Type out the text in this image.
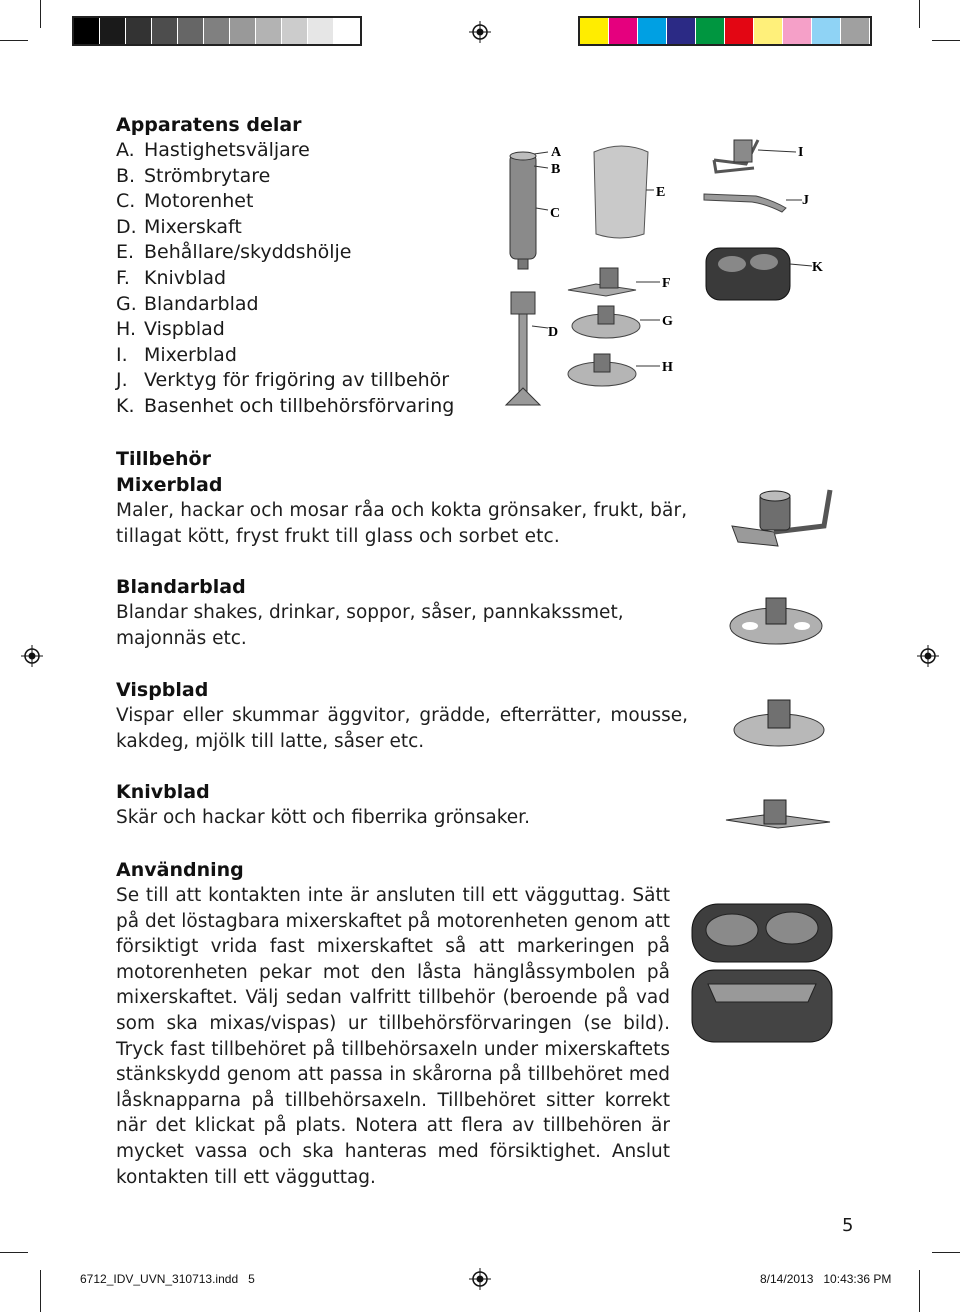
Apparatens delar

A. Hastighetsväljare
B. Strömbrytare
C. Motorenhet
D. Mixerskaft
E. Behållare/skyddshölje
F. Knivblad
G. Blandarblad
H. Vispblad
I. Mixerblad
J. Verktyg för frigöring av tillbehör
K. Basenhet och tillbehörsförvaring
A
B
C
D
E
F
G
H
I
J
K

Tillbehör

Mixerblad

Maler, hackar och mosar råa och kokta grönsaker, frukt, bär, tillagat kött, fryst frukt till glass och sorbet etc.

Blandarblad

Blandar shakes, drinkar, soppor, såser, pannkakssmet, majonnäs etc.

Vispblad

Vispar eller skummar äggvitor, grädde, efterrätter, mousse, kakdeg, mjölk till latte, såser etc.

Knivblad

Skär och hackar kött och fiberrika grönsaker.

Användning

Se till att kontakten inte är ansluten till ett vägguttag. Sätt på det löstagbara mixerskaftet på motorenheten genom att försiktigt vrida fast mixerskaftet så att markeringen på motorenheten pekar mot den låsta hänglåssymbolen på mixerskaftet. Välj sedan valfritt tillbehör (beroende på vad som ska mixas/vispas) ur tillbehörsförvaringen (se bild). Tryck fast tillbehöret på tillbehörsaxeln under mixerskaftets stänkskydd genom att passa in skårorna på tillbehöret med låsknapparna på tillbehörsaxeln. Tillbehöret sitter korrekt när det klickat på plats. Notera att flera av tillbehören är mycket vassa och ska hanteras med försiktighet. Anslut kontakten till ett vägguttag.

5
6712_IDV_UVN_310713.indd   5	8/14/2013   10:43:36 PM
